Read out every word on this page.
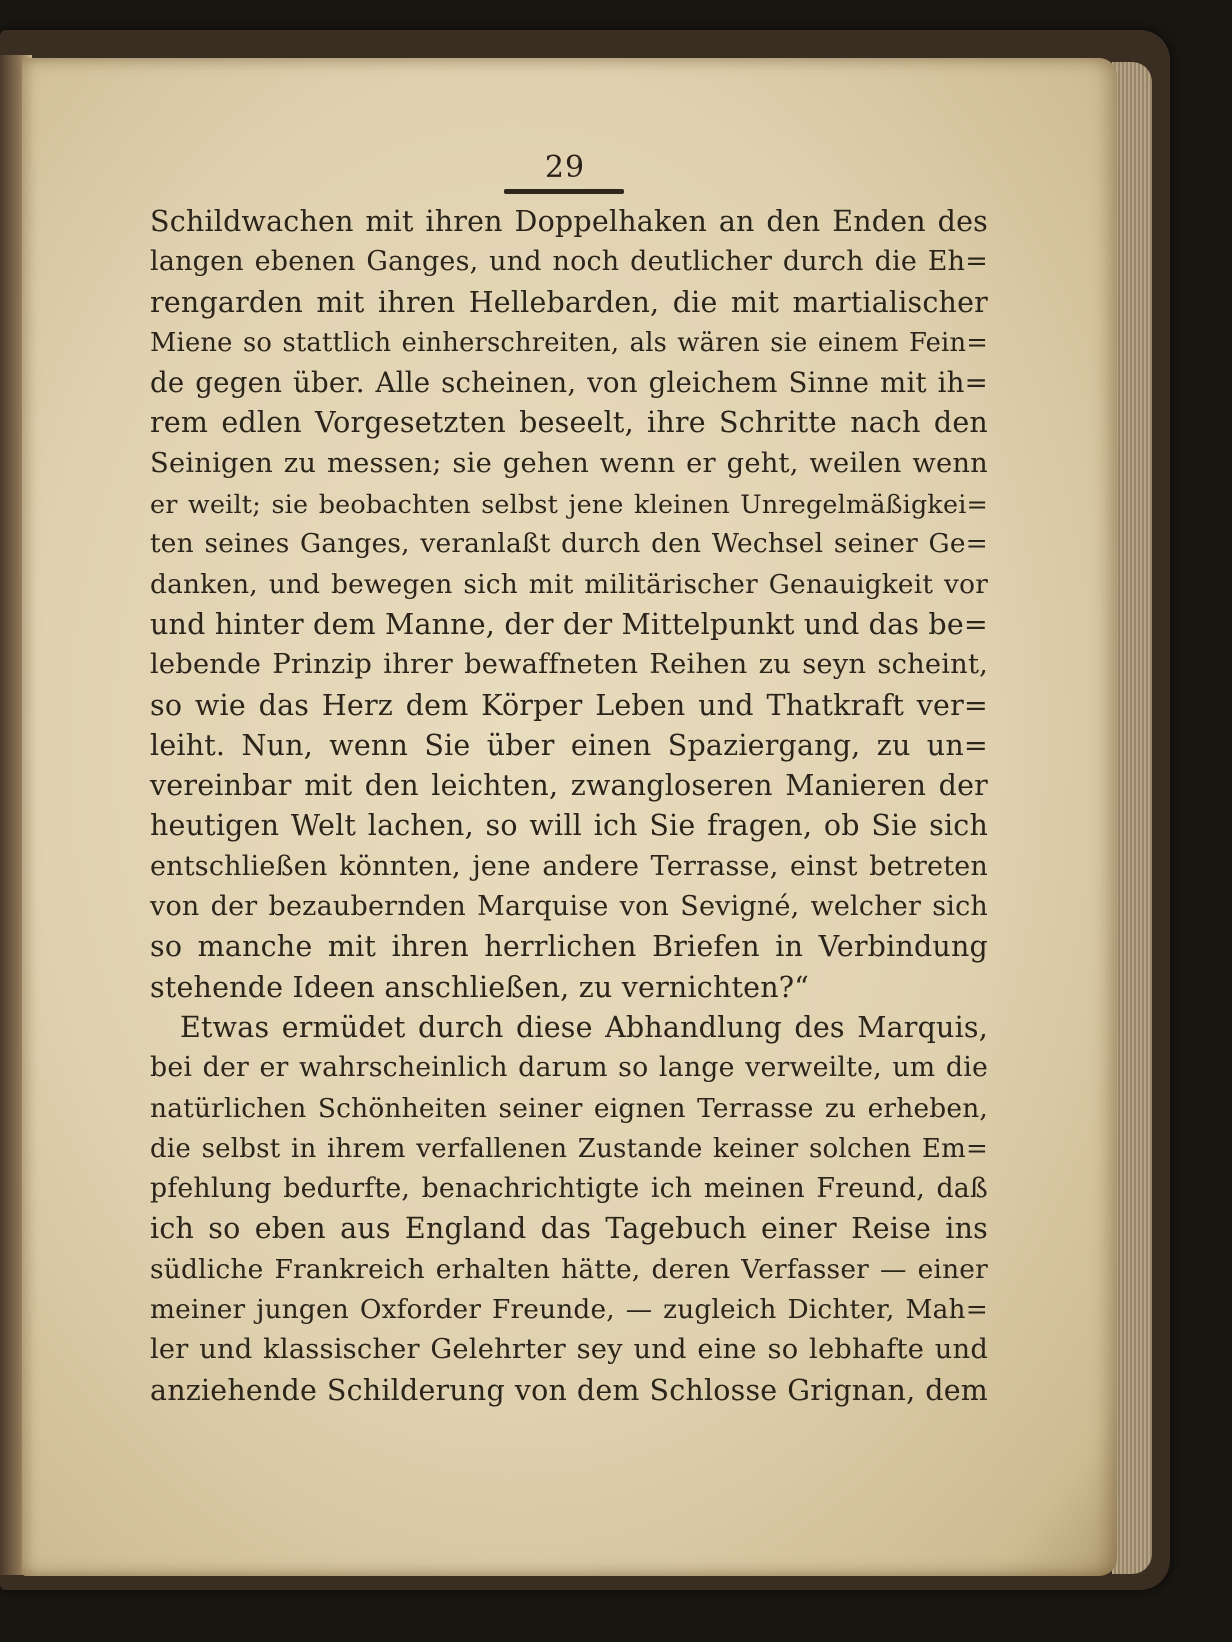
29
Schildwachen mit ihren Doppelhaken an den Enden des
langen ebenen Ganges, und noch deutlicher durch die Eh=
rengarden mit ihren Hellebarden, die mit martialischer
Miene so stattlich einherschreiten, als wären sie einem Fein=
de gegen über. Alle scheinen, von gleichem Sinne mit ih=
rem edlen Vorgesetzten beseelt, ihre Schritte nach den
Seinigen zu messen; sie gehen wenn er geht, weilen wenn
er weilt; sie beobachten selbst jene kleinen Unregelmäßigkei=
ten seines Ganges, veranlaßt durch den Wechsel seiner Ge=
danken, und bewegen sich mit militärischer Genauigkeit vor
und hinter dem Manne, der der Mittelpunkt und das be=
lebende Prinzip ihrer bewaffneten Reihen zu seyn scheint,
so wie das Herz dem Körper Leben und Thatkraft ver=
leiht. Nun, wenn Sie über einen Spaziergang, zu un=
vereinbar mit den leichten, zwangloseren Manieren der
heutigen Welt lachen, so will ich Sie fragen, ob Sie sich
entschließen könnten, jene andere Terrasse, einst betreten
von der bezaubernden Marquise von Sevigné, welcher sich
so manche mit ihren herrlichen Briefen in Verbindung
stehende Ideen anschließen, zu vernichten?“
Etwas ermüdet durch diese Abhandlung des Marquis,
bei der er wahrscheinlich darum so lange verweilte, um die
natürlichen Schönheiten seiner eignen Terrasse zu erheben,
die selbst in ihrem verfallenen Zustande keiner solchen Em=
pfehlung bedurfte, benachrichtigte ich meinen Freund, daß
ich so eben aus England das Tagebuch einer Reise ins
südliche Frankreich erhalten hätte, deren Verfasser — einer
meiner jungen Oxforder Freunde, — zugleich Dichter, Mah=
ler und klassischer Gelehrter sey und eine so lebhafte und
anziehende Schilderung von dem Schlosse Grignan, dem
